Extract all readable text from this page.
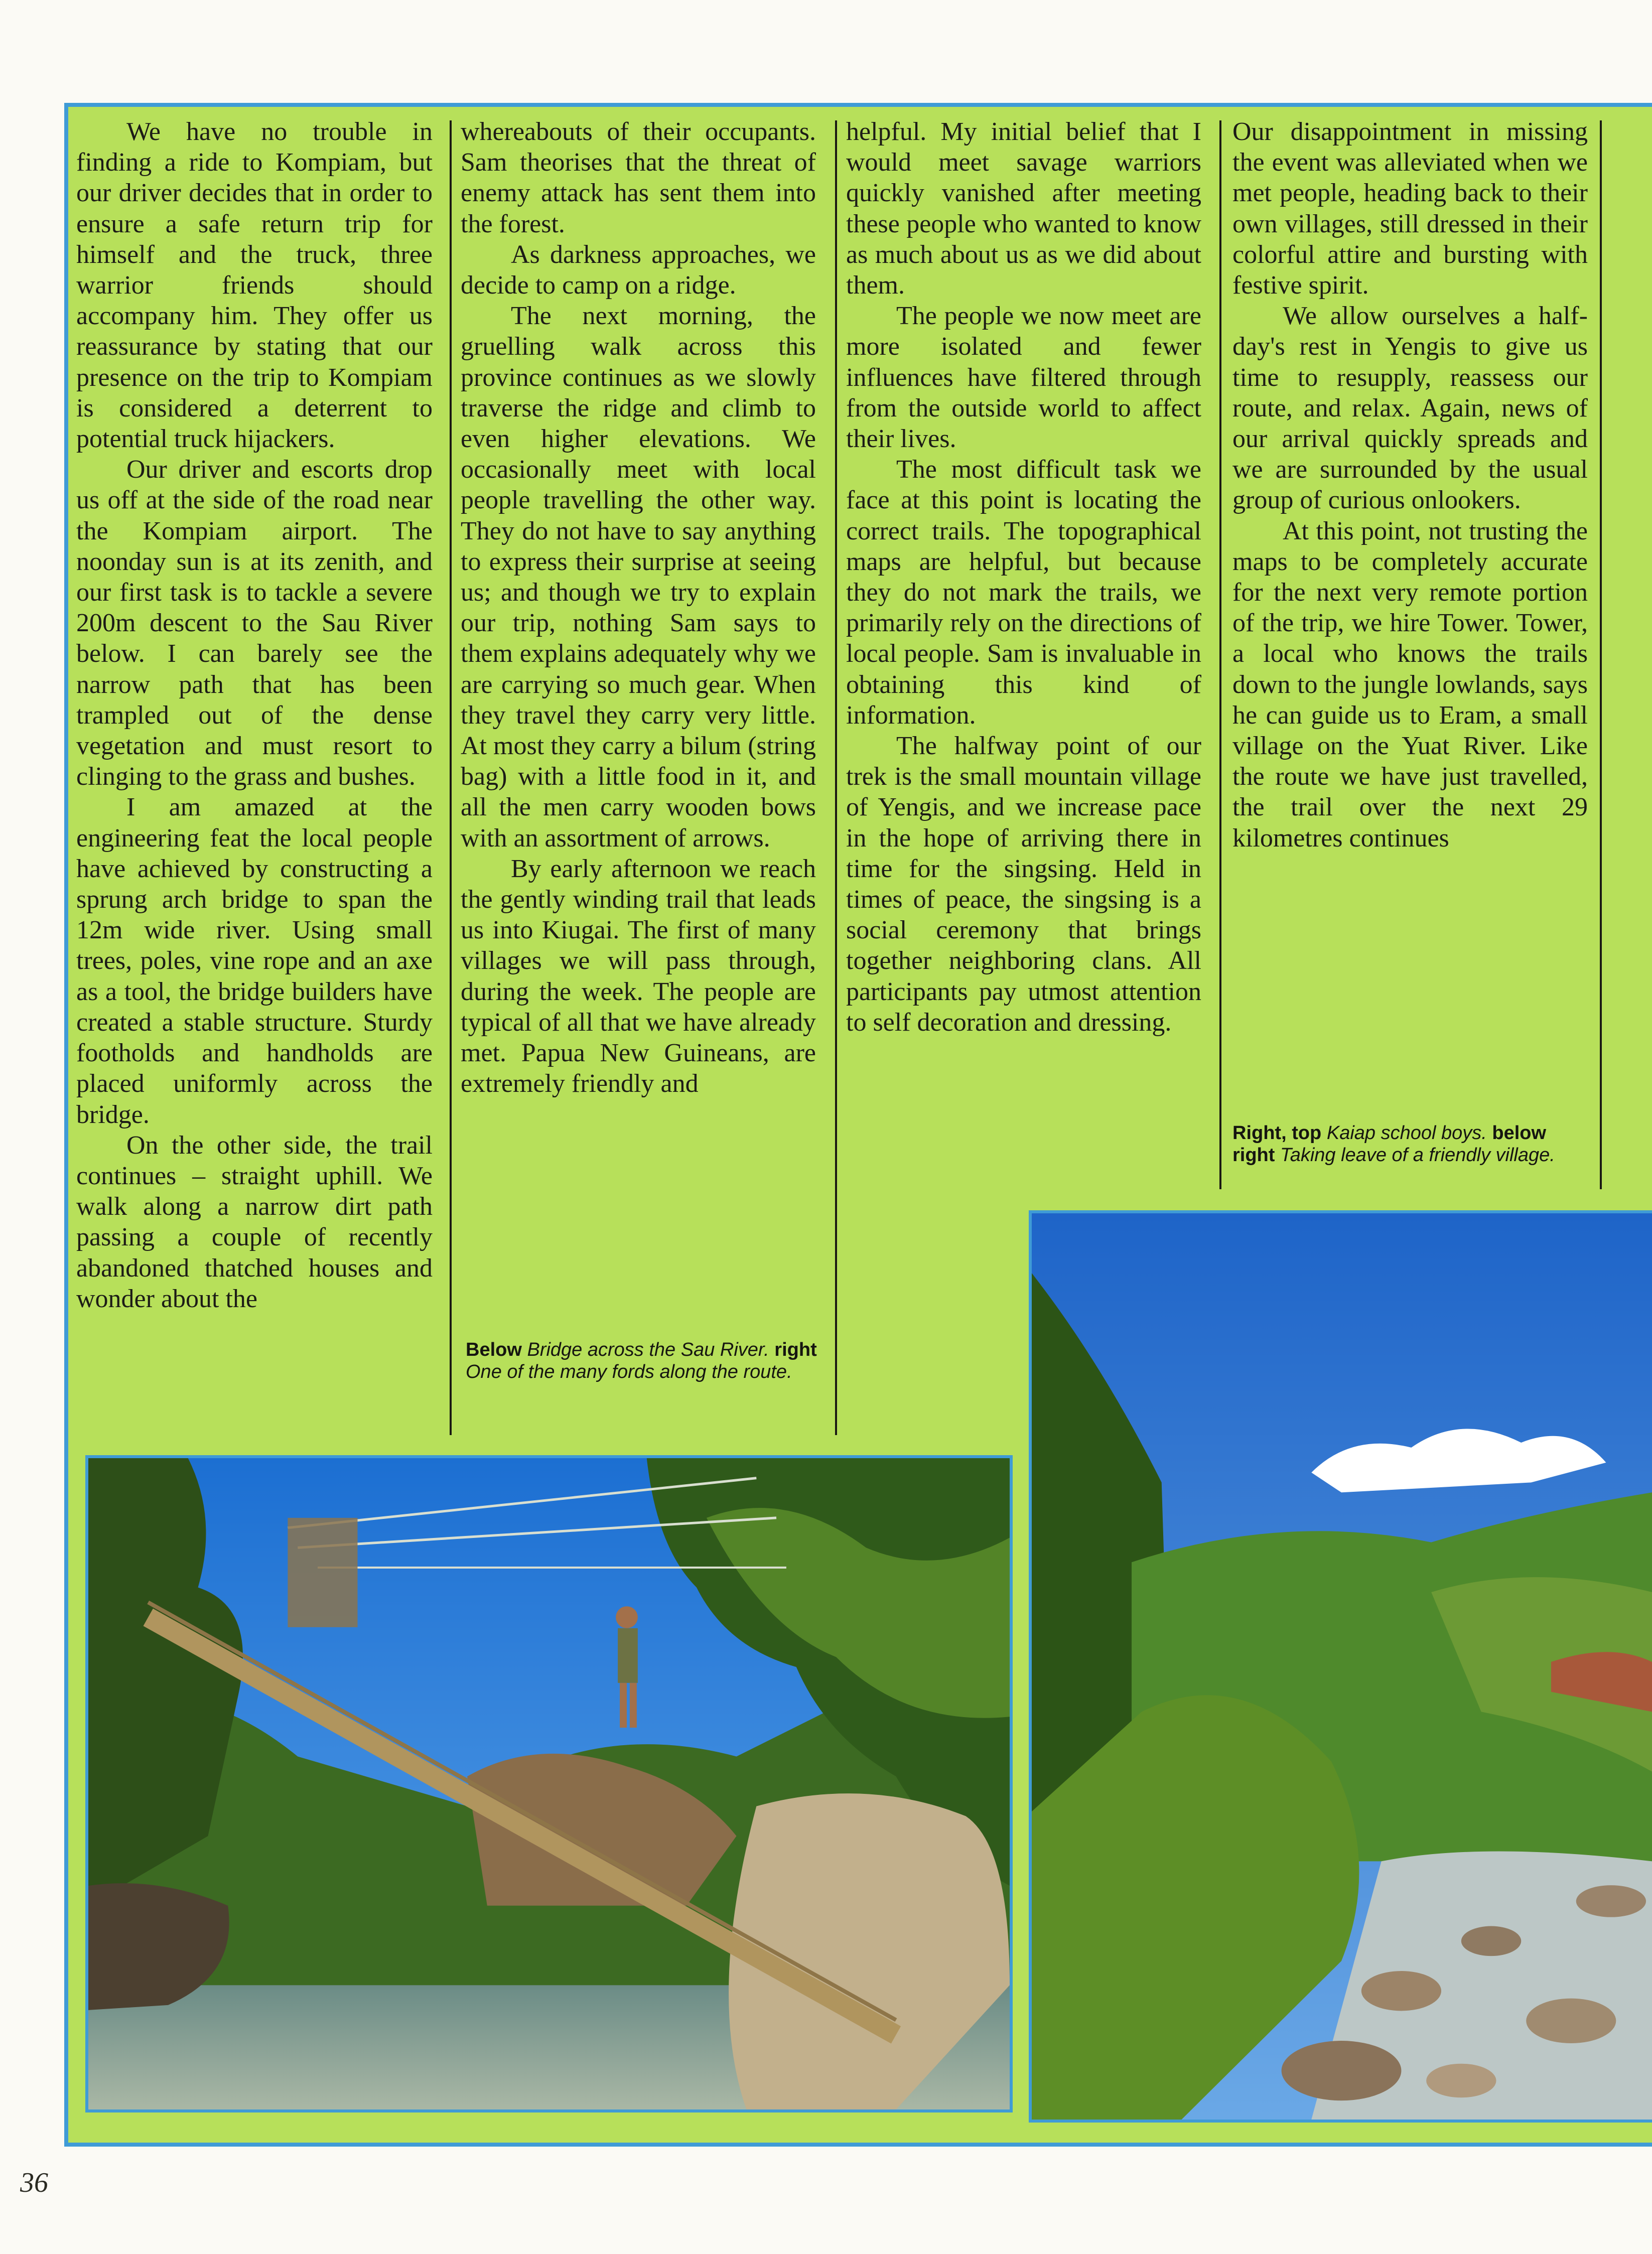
We have no trouble in finding a ride to Kompiam, but our driver decides that in order to ensure a safe return trip for himself and the truck, three warrior friends should accompany him. They offer us reassurance by stating that our presence on the trip to Kompiam is considered a deterrent to potential truck hijackers.

Our driver and escorts drop us off at the side of the road near the Kompiam airport. The noonday sun is at its zenith, and our first task is to tackle a severe 200m descent to the Sau River below. I can barely see the narrow path that has been trampled out of the dense vegetation and must resort to clinging to the grass and bushes.

I am amazed at the engineering feat the local people have achieved by constructing a sprung arch bridge to span the 12m wide river. Using small trees, poles, vine rope and an axe as a tool, the bridge builders have created a stable structure. Sturdy footholds and handholds are placed uniformly across the bridge.

On the other side, the trail continues – straight uphill. We walk along a narrow dirt path passing a couple of recently abandoned thatched houses and wonder about the

whereabouts of their occupants. Sam theorises that the threat of enemy attack has sent them into the forest.

As darkness approaches, we decide to camp on a ridge.

The next morning, the gruelling walk across this province continues as we slowly traverse the ridge and climb to even higher elevations. We occasionally meet with local people travelling the other way. They do not have to say anything to express their surprise at seeing us; and though we try to explain our trip, nothing Sam says to them explains adequately why we are carrying so much gear. When they travel they carry very little. At most they carry a bilum (string bag) with a little food in it, and all the men carry wooden bows with an assortment of arrows.

By early afternoon we reach the gently winding trail that leads us into Kiugai. The first of many villages we will pass through, during the week. The people are typical of all that we have already met. Papua New Guineans, are extremely friendly and

Below Bridge across the Sau River. right One of the many fords along the route.

helpful. My initial belief that I would meet savage warriors quickly vanished after meeting these people who wanted to know as much about us as we did about them.

The people we now meet are more isolated and fewer influences have filtered through from the outside world to affect their lives.

The most difficult task we face at this point is locating the correct trails. The topographical maps are helpful, but because they do not mark the trails, we primarily rely on the directions of local people. Sam is invaluable in obtaining this kind of information.

The halfway point of our trek is the small mountain village of Yengis, and we increase pace in the hope of arriving there in time for the singsing. Held in times of peace, the singsing is a social ceremony that brings together neighboring clans. All participants pay utmost attention to self decoration and dressing.

Our disappointment in missing the event was alleviated when we met people, heading back to their own villages, still dressed in their colorful attire and bursting with festive spirit.

We allow ourselves a half-day's rest in Yengis to give us time to resupply, reassess our route, and relax. Again, news of our arrival quickly spreads and we are surrounded by the usual group of curious onlookers.

At this point, not trusting the maps to be completely accurate for the next very remote portion of the trip, we hire Tower. Tower, a local who knows the trails down to the jungle lowlands, says he can guide us to Eram, a small village on the Yuat River. Like the route we have just travelled, the trail over the next 29 kilometres continues

Right, top Kaiap school boys. below right Taking leave of a friendly village.
36
